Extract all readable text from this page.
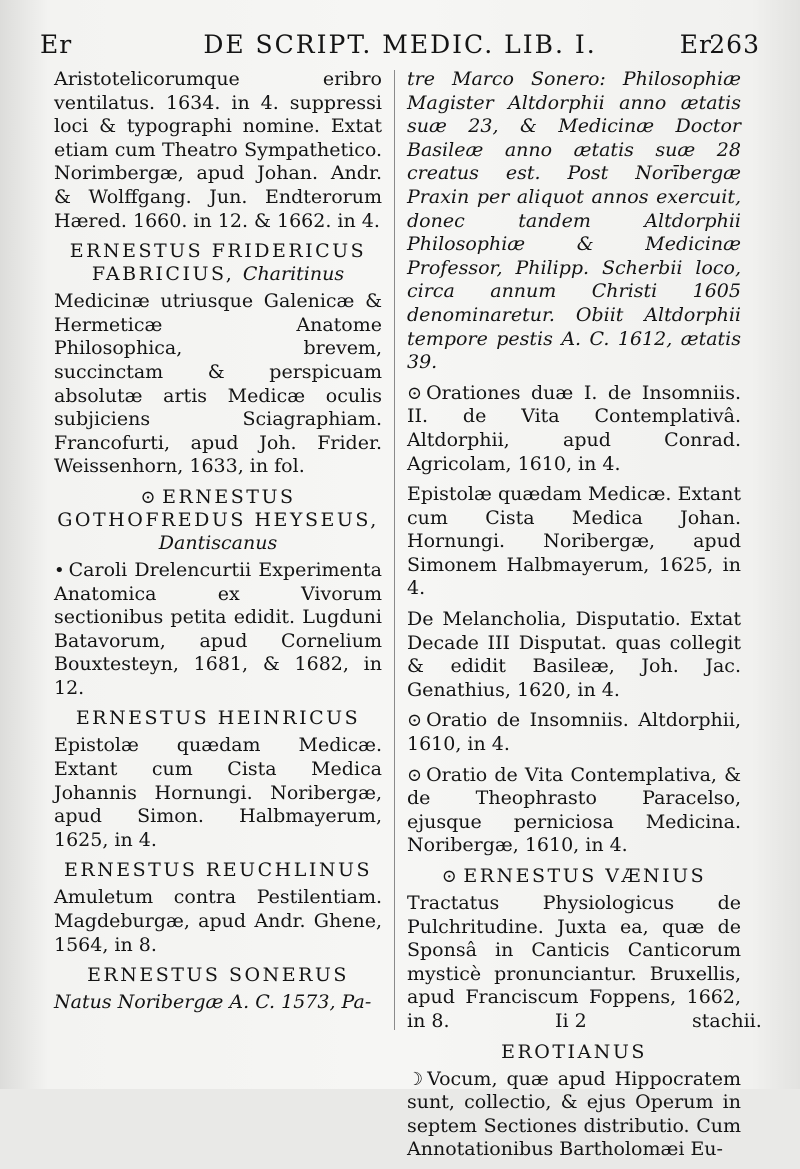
Er	DE SCRIPT. MEDIC. LIB. I.	Er
263

Aristotelicorumque eribro ventilatus. 1634. in 4. suppressi loci & typographi nomine. Extat etiam cum Theatro Sympathetico. Norimbergæ, apud Johan. Andr. & Wolffgang. Jun. Endterorum Hæred. 1660. in 12. & 1662. in 4.

ERNESTUS FRIDERICUS FABRICIUS, Charitinus

Medicinæ utriusque Galenicæ & Hermeticæ Anatome Philosophica, brevem, succinctam & perspicuam absolutæ artis Medicæ oculis subjiciens Sciagraphiam. Francofurti, apud Joh. Frider. Weissenhorn, 1633, in fol.

⊙ ERNESTUS GOTHOFREDUS HEYSEUS, Dantiscanus

• Caroli Drelencurtii Experimenta Anatomica ex Vivorum sectionibus petita edidit. Lugduni Batavorum, apud Cornelium Bouxtesteyn, 1681, & 1682, in 12.

ERNESTUS HEINRICUS

Epistolæ quædam Medicæ. Extant cum Cista Medica Johannis Hornungi. Noribergæ, apud Simon. Halbmayerum, 1625, in 4.

ERNESTUS REUCHLINUS

Amuletum contra Pestilentiam. Magdeburgæ, apud Andr. Ghene, 1564, in 8.

ERNESTUS SONERUS

Natus Noribergæ A. C. 1573, Pa-

tre Marco Sonero: Philosophiæ Magister Altdorphii anno ætatis suæ 23, & Medicinæ Doctor Basileæ anno ætatis suæ 28 creatus est. Post Norībergæ Praxin per aliquot annos exercuit, donec tandem Altdorphii Philosophiæ & Medicinæ Professor, Philipp. Scherbii loco, circa annum Christi 1605 denominaretur. Obiit Altdorphii tempore pestis A. C. 1612, ætatis 39.

⊙ Orationes duæ I. de Insomniis. II. de Vita Contemplativâ. Altdorphii, apud Conrad. Agricolam, 1610, in 4.

Epistolæ quædam Medicæ. Extant cum Cista Medica Johan. Hornungi. Noribergæ, apud Simonem Halbmayerum, 1625, in 4.

De Melancholia, Disputatio. Extat Decade III Disputat. quas collegit & edidit Basileæ, Joh. Jac. Genathius, 1620, in 4.

⊙ Oratio de Insomniis. Altdorphii, 1610, in 4.

⊙ Oratio de Vita Contemplativa, & de Theophrasto Paracelso, ejusque perniciosa Medicina. Noribergæ, 1610, in 4.

⊙ ERNESTUS VÆNIUS

Tractatus Physiologicus de Pulchritudine. Juxta ea, quæ de Sponsâ in Canticis Canticorum mysticè pronunciantur. Bruxellis, apud Franciscum Foppens, 1662, in 8.

EROTIANUS

☽ Vocum, quæ apud Hippocratem sunt, collectio, & ejus Operum in septem Sectiones distributio. Cum Annotationibus Bartholomæi Eu-

Ii 2	stachii.
